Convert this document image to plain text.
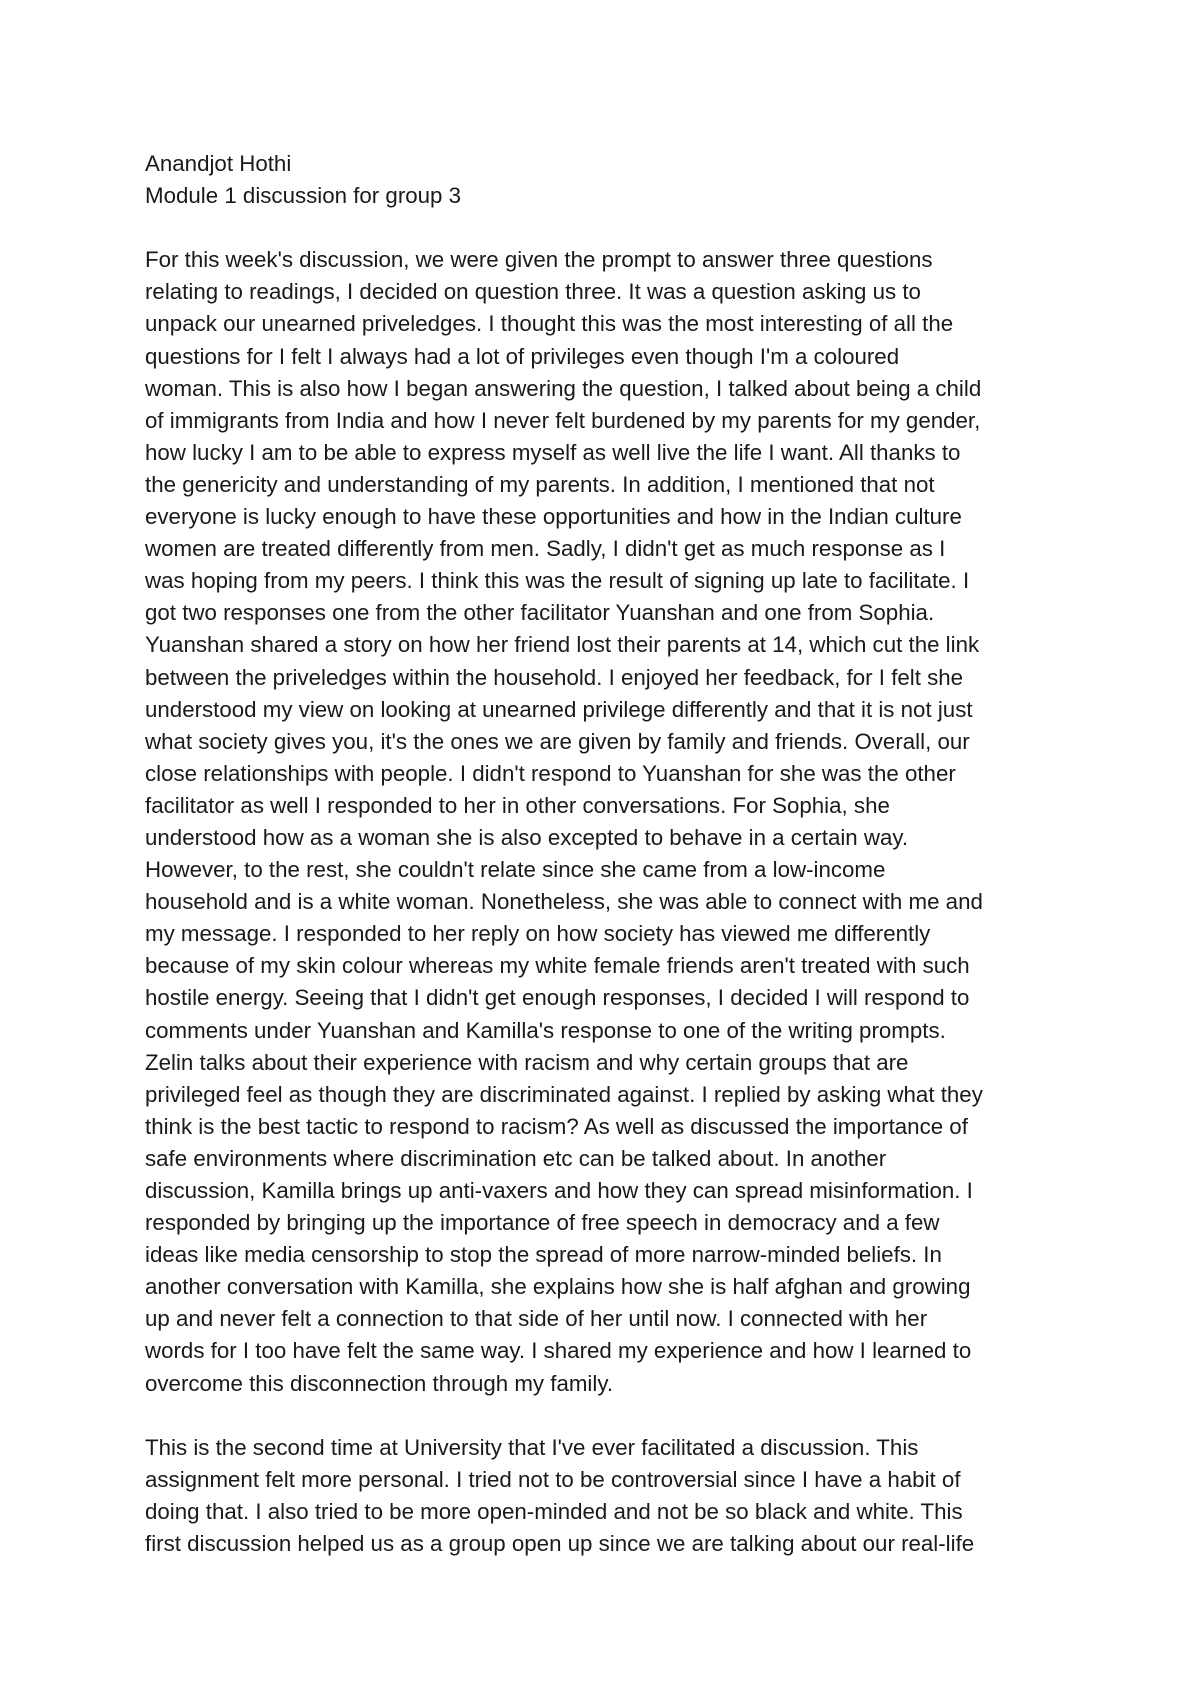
Anandjot Hothi
Module 1 discussion for group 3
For this week's discussion, we were given the prompt to answer three questions
relating to readings, I decided on question three. It was a question asking us to
unpack our unearned priveledges. I thought this was the most interesting of all the
questions for I felt I always had a lot of privileges even though I'm a coloured
woman. This is also how I began answering the question, I talked about being a child
of immigrants from India and how I never felt burdened by my parents for my gender,
how lucky I am to be able to express myself as well live the life I want. All thanks to
the genericity and understanding of my parents. In addition, I mentioned that not
everyone is lucky enough to have these opportunities and how in the Indian culture
women are treated differently from men. Sadly, I didn't get as much response as I
was hoping from my peers. I think this was the result of signing up late to facilitate. I
got two responses one from the other facilitator Yuanshan and one from Sophia.
Yuanshan shared a story on how her friend lost their parents at 14, which cut the link
between the priveledges within the household. I enjoyed her feedback, for I felt she
understood my view on looking at unearned privilege differently and that it is not just
what society gives you, it's the ones we are given by family and friends. Overall, our
close relationships with people. I didn't respond to Yuanshan for she was the other
facilitator as well I responded to her in other conversations. For Sophia, she
understood how as a woman she is also excepted to behave in a certain way.
However, to the rest, she couldn't relate since she came from a low-income
household and is a white woman. Nonetheless, she was able to connect with me and
my message. I responded to her reply on how society has viewed me differently
because of my skin colour whereas my white female friends aren't treated with such
hostile energy. Seeing that I didn't get enough responses, I decided I will respond to
comments under Yuanshan and Kamilla's response to one of the writing prompts.
Zelin talks about their experience with racism and why certain groups that are
privileged feel as though they are discriminated against. I replied by asking what they
think is the best tactic to respond to racism? As well as discussed the importance of
safe environments where discrimination etc can be talked about. In another
discussion, Kamilla brings up anti-vaxers and how they can spread misinformation. I
responded by bringing up the importance of free speech in democracy and a few
ideas like media censorship to stop the spread of more narrow-minded beliefs. In
another conversation with Kamilla, she explains how she is half afghan and growing
up and never felt a connection to that side of her until now. I connected with her
words for I too have felt the same way. I shared my experience and how I learned to
overcome this disconnection through my family.
This is the second time at University that I've ever facilitated a discussion. This
assignment felt more personal. I tried not to be controversial since I have a habit of
doing that. I also tried to be more open-minded and not be so black and white. This
first discussion helped us as a group open up since we are talking about our real-life
